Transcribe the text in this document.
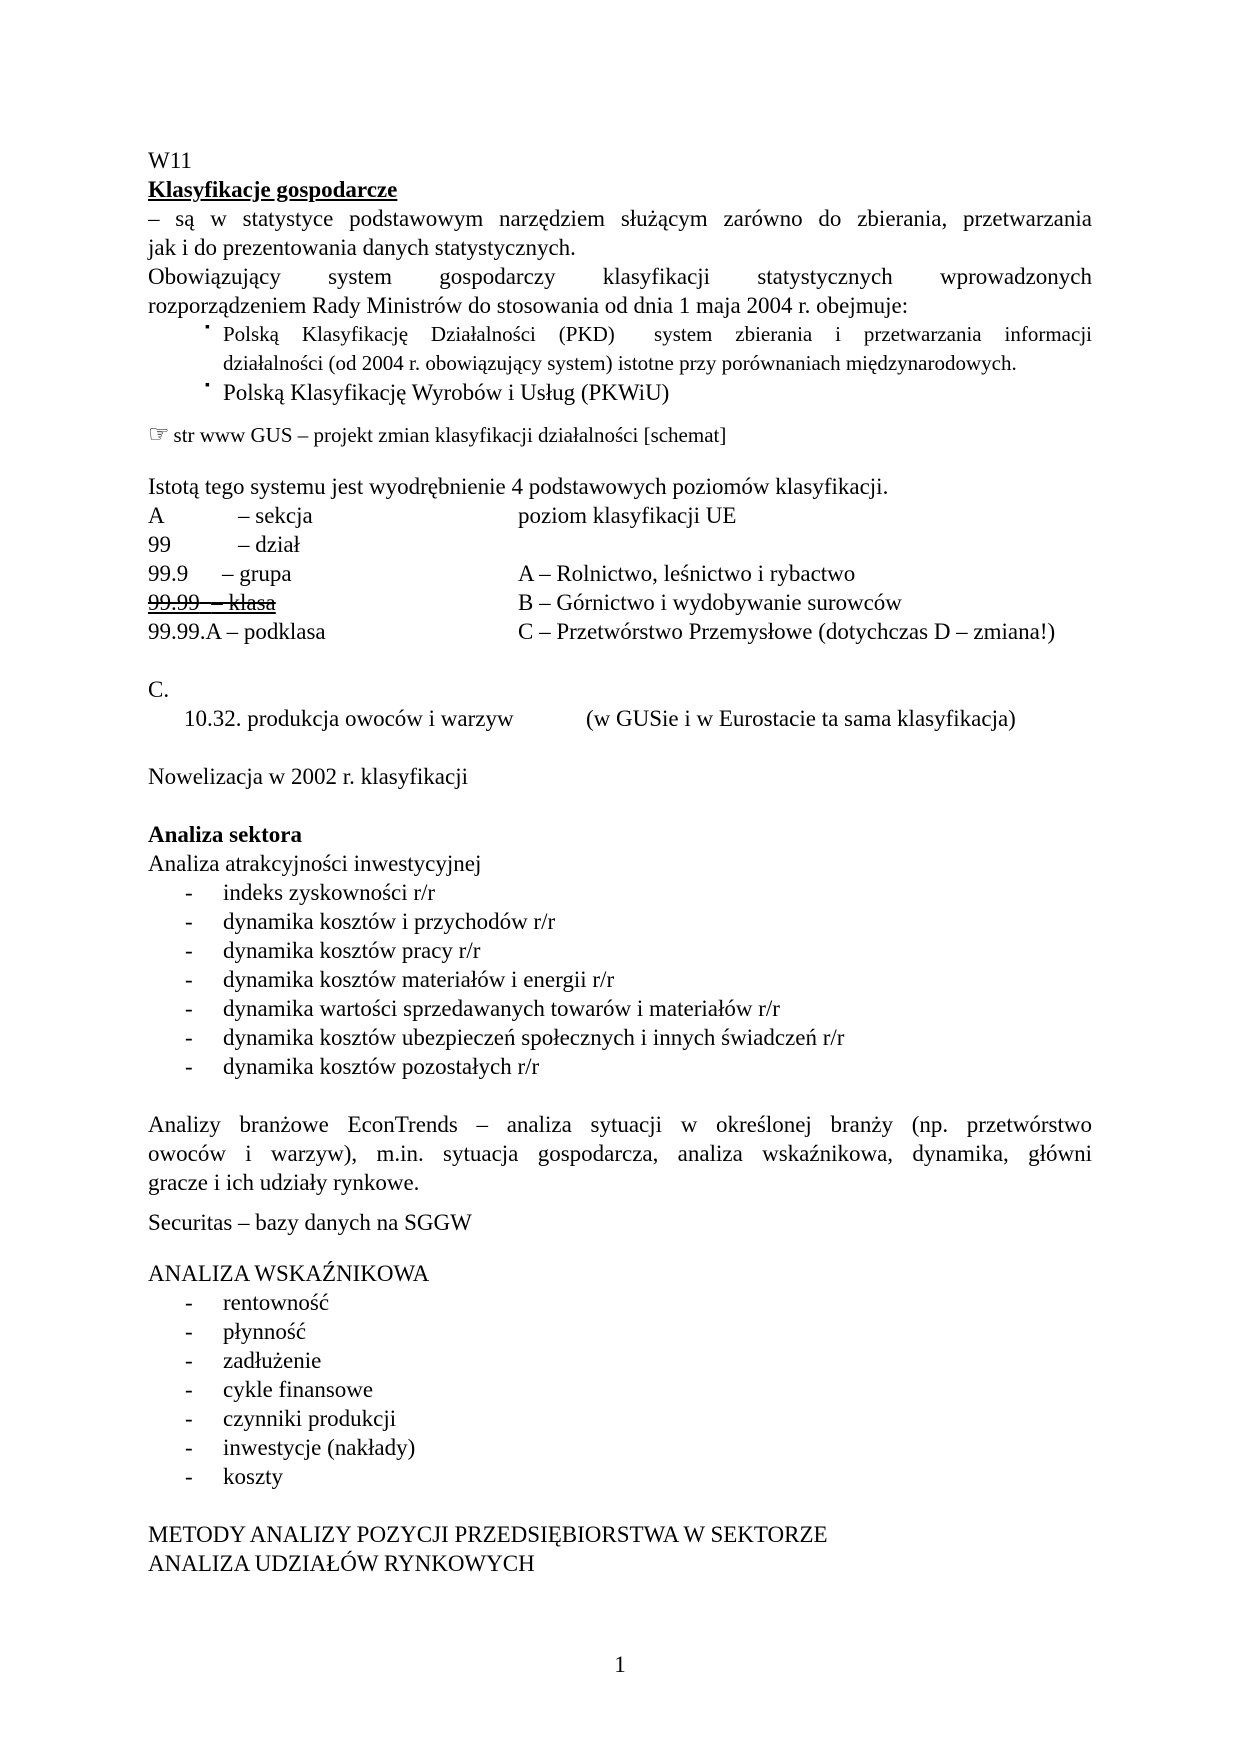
W11
Klasyfikacje gospodarcze
– są w statystyce podstawowym narzędziem służącym zarówno do zbierania, przetwarzania
jak i do prezentowania danych statystycznych.
Obowiązujący system gospodarczy klasyfikacji statystycznych wprowadzonych
rozporządzeniem Rady Ministrów do stosowania od dnia 1 maja 2004 r. obejmuje:
▪ Polską Klasyfikację Działalności (PKD)  system zbierania i przetwarzania informacji
działalności (od 2004 r. obowiązujący system) istotne przy porównaniach międzynarodowych.
▪ Polską Klasyfikację Wyrobów i Usług (PKWiU)
☞ str www GUS – projekt zmian klasyfikacji działalności [schemat]
Istotą tego systemu jest wyodrębnienie 4 podstawowych poziomów klasyfikacji.
A	– sekcja	poziom klasyfikacji UE
99	– dział
99.9 – grupa	A – Rolnictwo, leśnictwo i rybactwo
99.99 – klasa	B – Górnictwo i wydobywanie surowców
99.99.A – podklasa	C – Przetwórstwo Przemysłowe (dotychczas D – zmiana!)
C.
10.32. produkcja owoców i warzyw	(w GUSie i w Eurostacie ta sama klasyfikacja)
Nowelizacja w 2002 r. klasyfikacji
Analiza sektora
Analiza atrakcyjności inwestycyjnej
- indeks zyskowności r/r
- dynamika kosztów i przychodów r/r
- dynamika kosztów pracy r/r
- dynamika kosztów materiałów i energii r/r
- dynamika wartości sprzedawanych towarów i materiałów r/r
- dynamika kosztów ubezpieczeń społecznych i innych świadczeń r/r
- dynamika kosztów pozostałych r/r
Analizy branżowe EconTrends – analiza sytuacji w określonej branży (np. przetwórstwo
owoców i warzyw), m.in. sytuacja gospodarcza, analiza wskaźnikowa, dynamika, główni
gracze i ich udziały rynkowe.
Securitas – bazy danych na SGGW
ANALIZA WSKAŹNIKOWA
- rentowność
- płynność
- zadłużenie
- cykle finansowe
- czynniki produkcji
- inwestycje (nakłady)
- koszty
METODY ANALIZY POZYCJI PRZEDSIĘBIORSTWA W SEKTORZE
ANALIZA UDZIAŁÓW RYNKOWYCH
1
